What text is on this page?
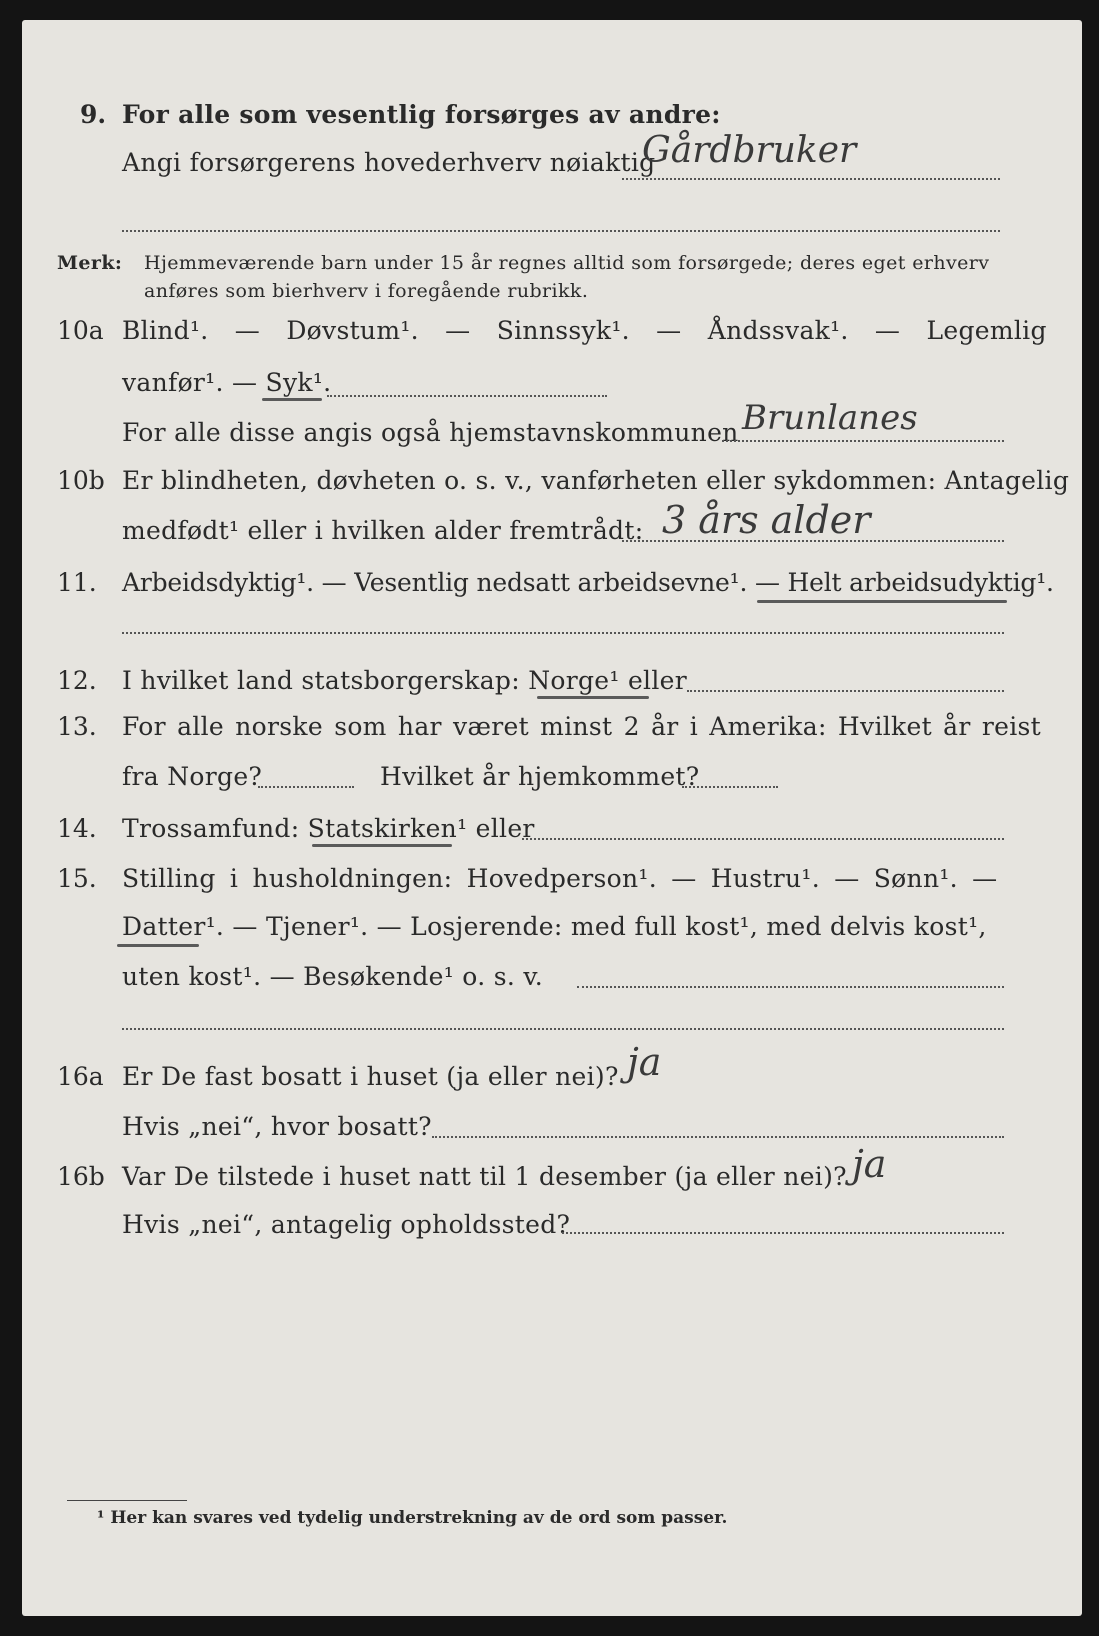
9. For alle som vesentlig forsørges av andre:
Angi forsørgerens hovederhverv nøiaktig
Gårdbruker
Merk: Hjemmeværende barn under 15 år regnes alltid som forsørgede; deres eget erhverv
anføres som bierhverv i foregående rubrikk.
10a Blind¹. — Døvstum¹. — Sinnssyk¹. — Åndssvak¹. — Legemlig
vanfør¹. — Syk¹.
For alle disse angis også hjemstavnskommunen Brunlanes
10b Er blindheten, døvheten o. s. v., vanførheten eller sykdommen: Antagelig
medfødt¹ eller i hvilken alder fremtrådt: 3 års alder
11. Arbeidsdyktig¹. — Vesentlig nedsatt arbeidsevne¹. — Helt arbeidsudyktig¹.
12. I hvilket land statsborgerskap: Norge¹ eller
13. For alle norske som har været minst 2 år i Amerika: Hvilket år reist
fra Norge?	Hvilket år hjemkommet?
14. Trossamfund: Statskirken¹ eller
15. Stilling i husholdningen: Hovedperson¹. — Hustru¹. — Sønn¹. —
Datter¹. — Tjener¹. — Losjerende: med full kost¹, med delvis kost¹,
uten kost¹. — Besøkende¹ o. s. v.
16a Er De fast bosatt i huset (ja eller nei)? ja
Hvis „nei“, hvor bosatt?
16b Var De tilstede i huset natt til 1 desember (ja eller nei)? ja
Hvis „nei“, antagelig opholdssted?
¹ Her kan svares ved tydelig understrekning av de ord som passer.
